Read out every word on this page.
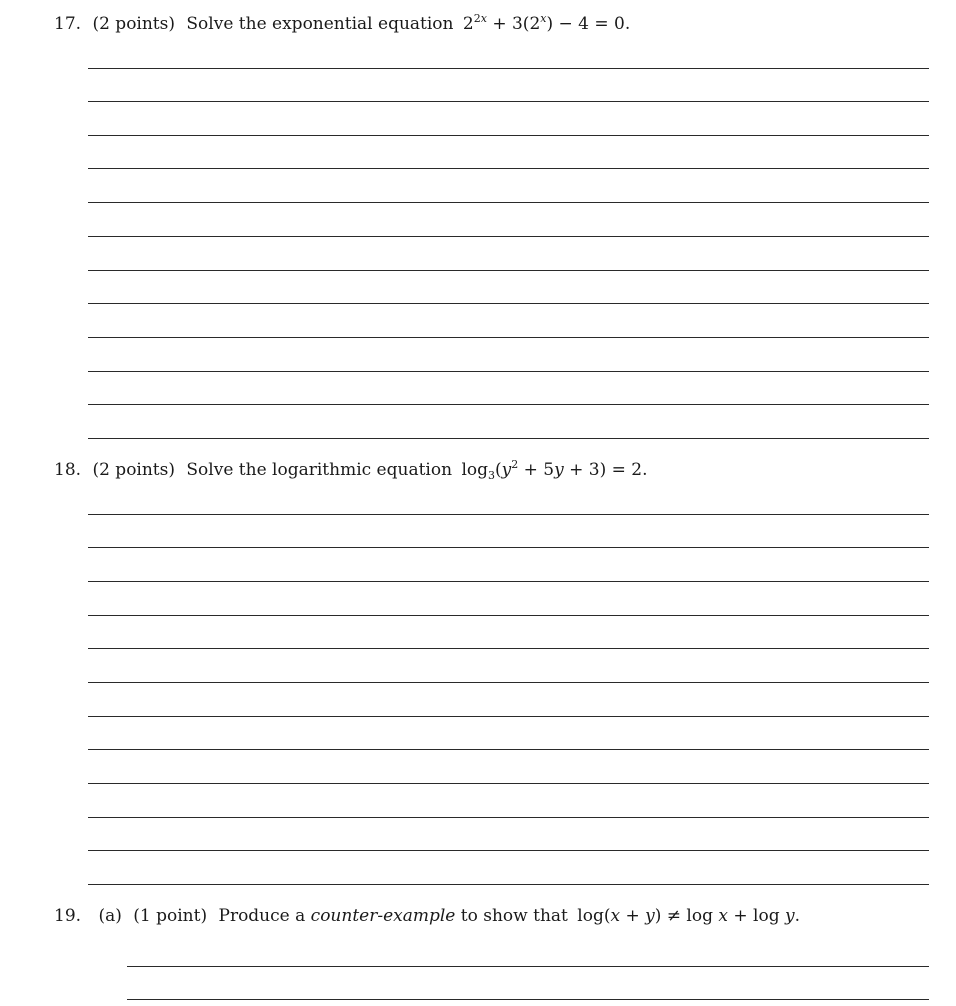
17. (2 points) Solve the exponential equation $2^{2x} + 3(2^x) - 4 = 0$.
18. (2 points) Solve the logarithmic equation $\log_3(y^2 + 5y + 3) = 2$.
19. (a) (1 point) Produce a counter-example to show that log(x + y) ≠ log x + log y.
